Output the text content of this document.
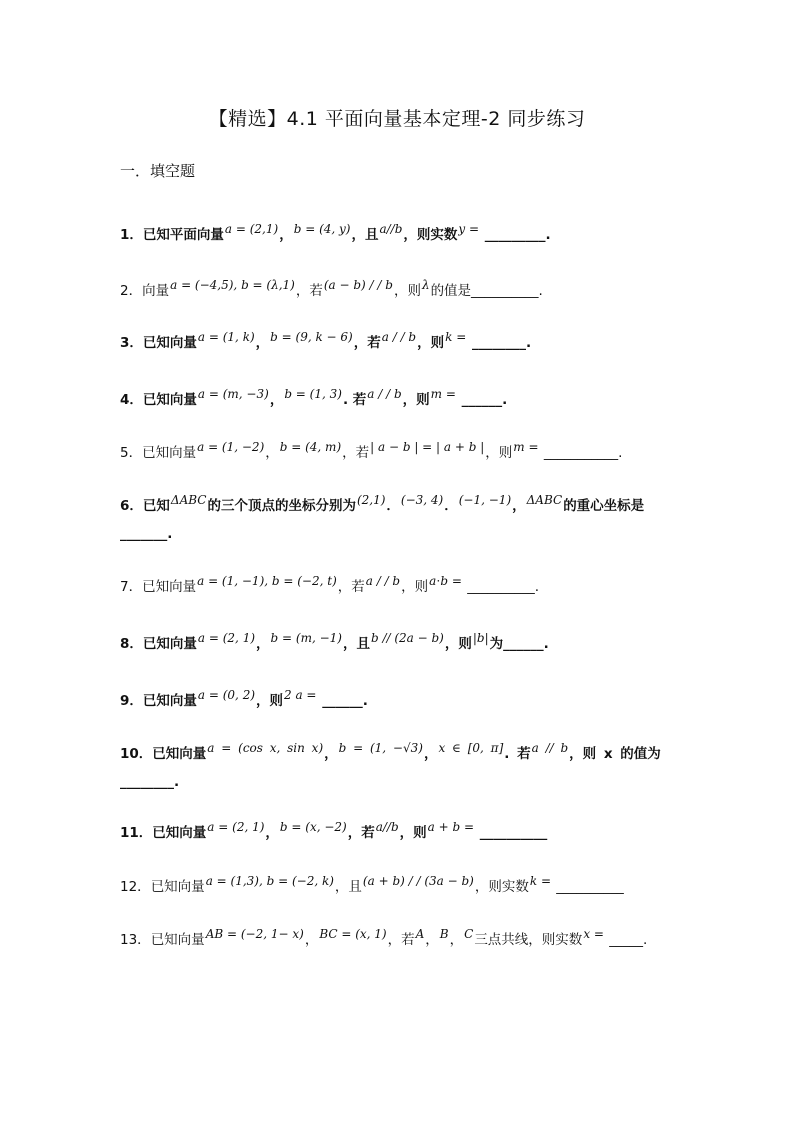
【精选】4.1 平面向量基本定理-2 同步练习
一．填空题
1．已知平面向量a = (2,1)，b = (4, y)，且a//b，则实数y = _________.
2．向量a = (−4,5), b = (λ,1)，若(a − b) / / b，则λ的值是__________.
3．已知向量a = (1, k)，b = (9, k − 6)，若a / / b，则k = ________.
4．已知向量a = (m, −3)，b = (1, 3). 若a / / b，则m = ______.
5．已知向量a = (1, −2)，b = (4, m)，若| a − b | = | a + b |，则m = ___________.
6．已知ΔABC的三个顶点的坐标分别为(2,1)．(−3, 4)．(−1, −1)，ΔABC的重心坐标是_______.
7．已知向量a = (1, −1), b = (−2, t)，若a / / b，则a⋅b = __________.
8．已知向量a = (2, 1)，b = (m, −1)，且b // (2a − b)，则|b|为______.
9．已知向量a = (0, 2)，则2 a = ______.
10．已知向量a = (cos x, sin x)，b = (1, −√3)，x ∈ [0, π]. 若a // b，则 x 的值为________.
11．已知向量a = (2, 1)，b = (x, −2)，若a//b，则a + b = __________
12．已知向量a = (1,3), b = (−2, k)，且(a + b) / / (3a − b)，则实数k = __________
13．已知向量AB = (−2, 1− x)，BC = (x, 1)，若A，B，C三点共线，则实数x = _____.
